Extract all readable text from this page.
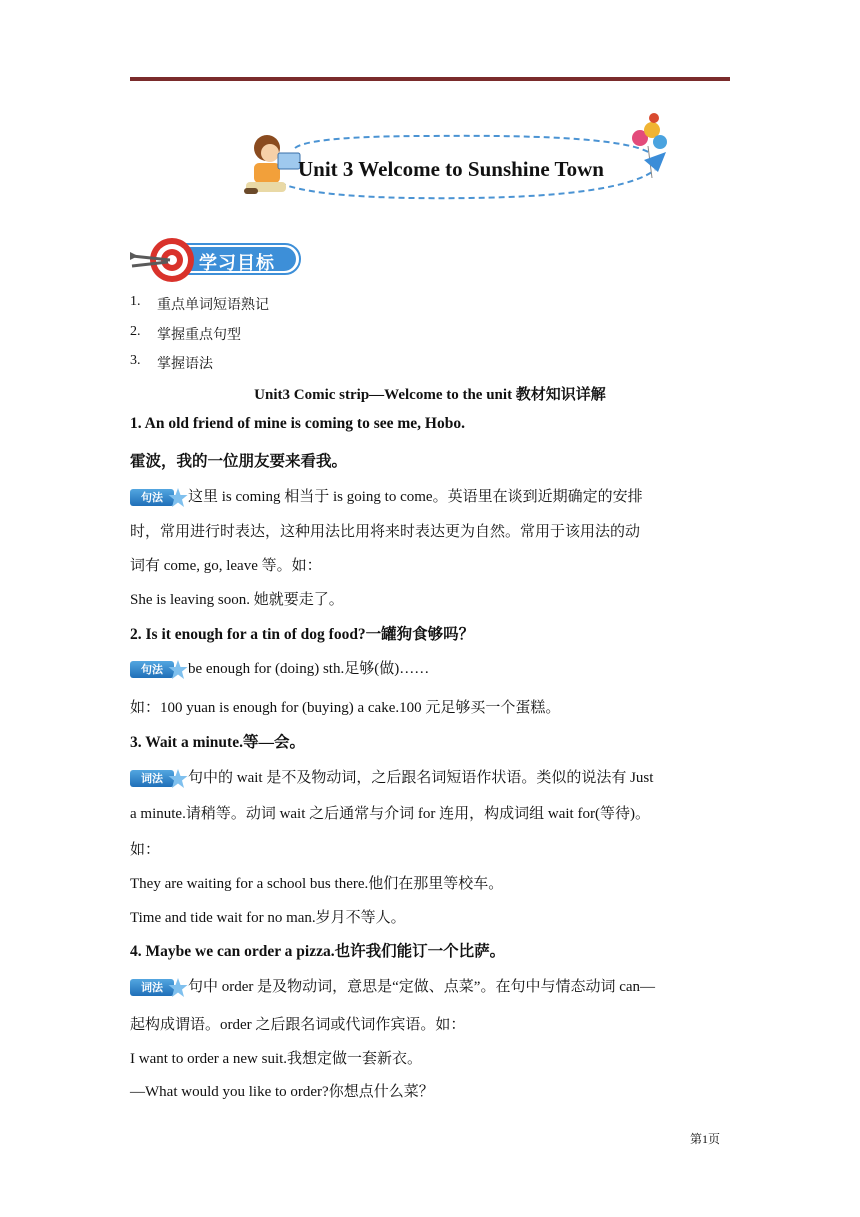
Unit 3 Welcome to Sunshine Town
学习目标
1.	重点单词短语熟记
2.	掌握重点句型
3.	掌握语法
Unit3 Comic strip—Welcome to the unit 教材知识详解
1. An old friend of mine is coming to see me, Hobo.
霍波，我的一位朋友要来看我。
句法	这里 is coming 相当于 is going to come。英语里在谈到近期确定的安排
时，常用进行时表达，这种用法比用将来时表达更为自然。常用于该用法的动
词有 come, go, leave 等。如：
She is leaving soon. 她就要走了。
2. Is it enough for a tin of dog food?一罐狗食够吗？
句法	be enough for (doing) sth.足够(做)……
如：100 yuan is enough for (buying) a cake.100 元足够买一个蛋糕。
3. Wait a minute.等—会。
词法	句中的 wait 是不及物动词，之后跟名词短语作状语。类似的说法有 Just
a minute.请稍等。动词 wait 之后通常与介词 for 连用，构成词组 wait for(等待)。
如：
They are waiting for a school bus there.他们在那里等校车。
Time and tide wait for no man.岁月不等人。
4. Maybe we can order a pizza.也许我们能订一个比萨。
词法	句中 order 是及物动词，意思是“定做、点菜”。在句中与情态动词 can—
起构成谓语。order 之后跟名词或代词作宾语。如：
I want to order a new suit.我想定做一套新衣。
—What would you like to order?你想点什么菜？
第1页
